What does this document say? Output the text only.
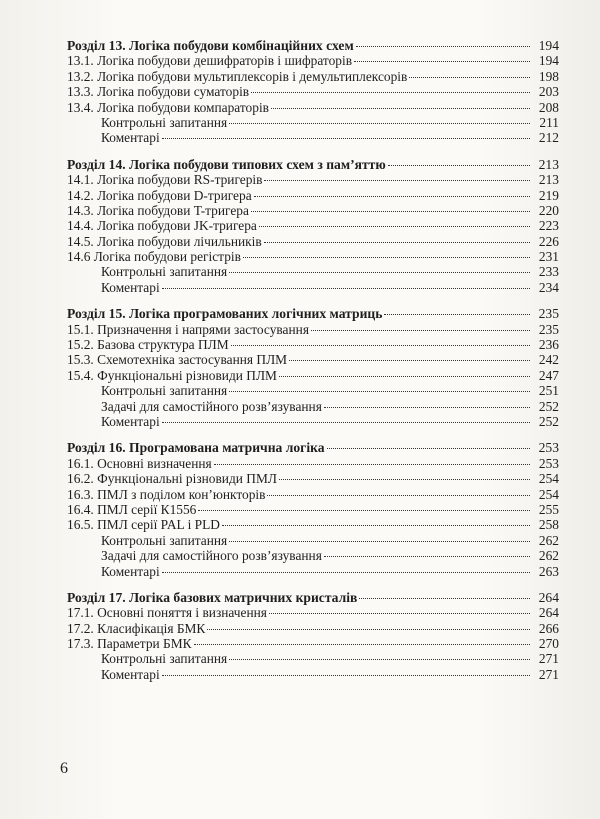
Розділ 13. Логіка побудови комбінаційних схем	194
13.1. Логіка побудови дешифраторів і шифраторів	194
13.2. Логіка побудови мультиплексорів і демультиплексорів	198
13.3. Логіка побудови суматорів	203
13.4. Логіка побудови компараторів	208
Контрольні запитання	211
Коментарі	212
Розділ 14. Логіка побудови типових схем з пам’яттю	213
14.1. Логіка побудови RS-тригерів	213
14.2. Логіка побудови D-тригера	219
14.3. Логіка побудови T-тригера	220
14.4. Логіка побудови JK-тригера	223
14.5. Логіка побудови лічильників	226
14.6 Логіка побудови регістрів	231
Контрольні запитання	233
Коментарі	234
Розділ 15. Логіка програмованих логічних матриць	235
15.1. Призначення і напрями застосування	235
15.2. Базова структура ПЛМ	236
15.3. Схемотехніка застосування ПЛМ	242
15.4. Функціональні різновиди ПЛМ	247
Контрольні запитання	251
Задачі для самостійного розв’язування	252
Коментарі	252
Розділ 16. Програмована матрична логіка	253
16.1. Основні визначення	253
16.2. Функціональні різновиди ПМЛ	254
16.3. ПМЛ з поділом кон’юнкторів	254
16.4. ПМЛ серії К1556	255
16.5. ПМЛ серії PAL і PLD	258
Контрольні запитання	262
Задачі для самостійного розв’язування	262
Коментарі	263
Розділ 17. Логіка базових матричних кристалів	264
17.1. Основні поняття і визначення	264
17.2. Класифікація БМК	266
17.3. Параметри БМК	270
Контрольні запитання	271
Коментарі	271
6
